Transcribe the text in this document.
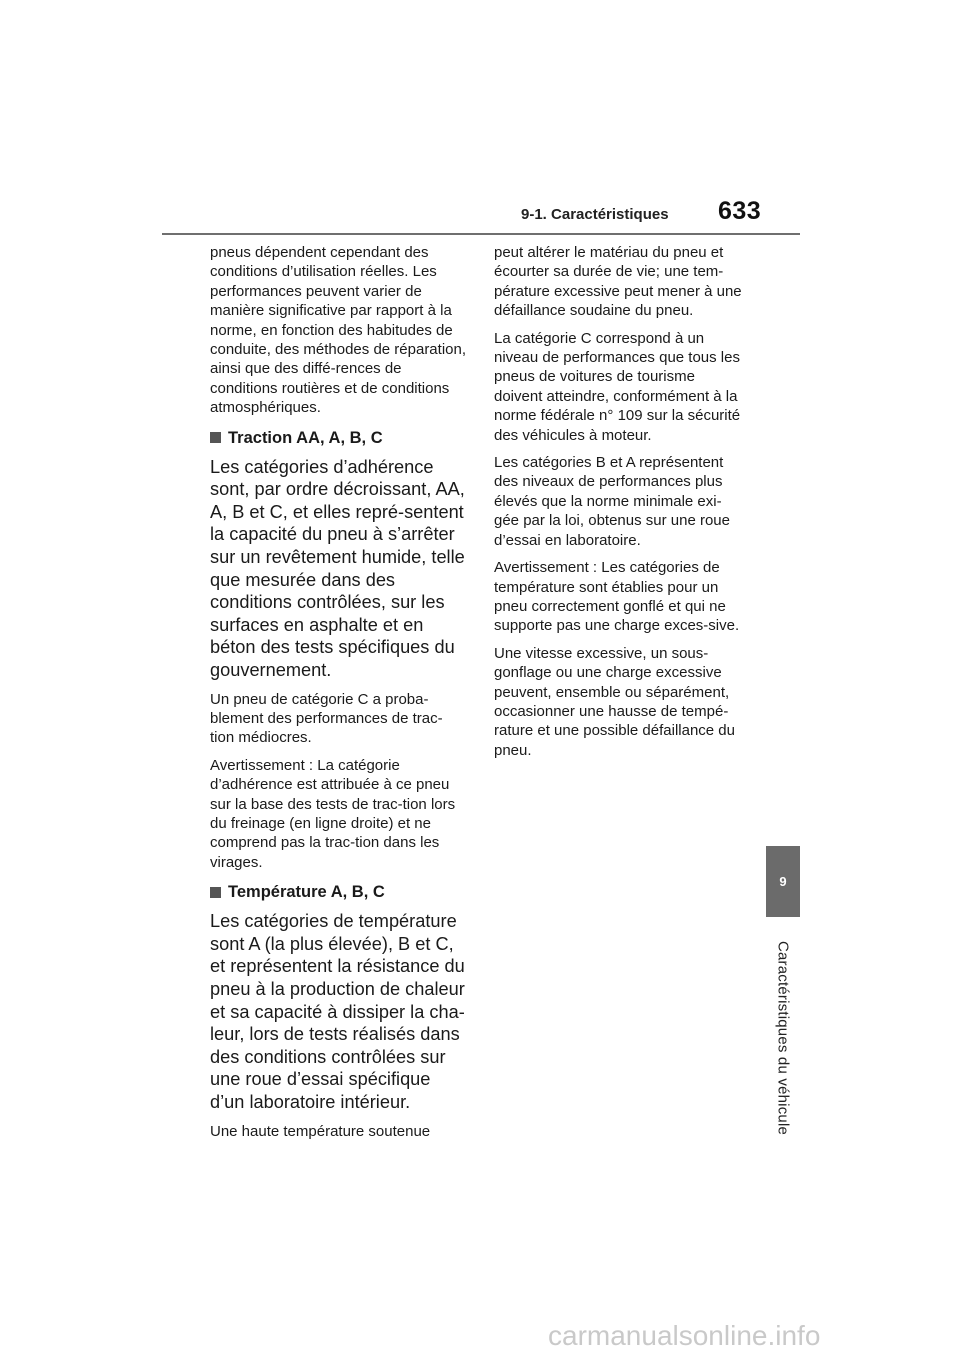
9-1. Caractéristiques	633
9
Caractéristiques du véhicule

pneus dépendent cependant des conditions d’utilisation réelles. Les performances peuvent varier de manière significative par rapport à la norme, en fonction des habitudes de conduite, des méthodes de réparation, ainsi que des diffé-rences de conditions routières et de conditions atmosphériques.

Traction AA, A, B, C

Les catégories d’adhérence sont, par ordre décroissant, AA, A, B et C, et elles repré-sentent la capacité du pneu à s’arrêter sur un revêtement humide, telle que mesurée dans des conditions contrôlées, sur les surfaces en asphalte et en béton des tests spécifiques du gouvernement.

Un pneu de catégorie C a proba-blement des performances de trac-tion médiocres.

Avertissement : La catégorie d’adhérence est attribuée à ce pneu sur la base des tests de trac-tion lors du freinage (en ligne droite) et ne comprend pas la trac-tion dans les virages.

Température A, B, C

Les catégories de température sont A (la plus élevée), B et C, et représentent la résistance du pneu à la production de chaleur et sa capacité à dissiper la cha-leur, lors de tests réalisés dans des conditions contrôlées sur une roue d’essai spécifique d’un laboratoire intérieur.

Une haute température soutenue

peut altérer le matériau du pneu et écourter sa durée de vie; une tem-pérature excessive peut mener à une défaillance soudaine du pneu.

La catégorie C correspond à un niveau de performances que tous les pneus de voitures de tourisme doivent atteindre, conformément à la norme fédérale n° 109 sur la sécurité des véhicules à moteur.

Les catégories B et A représentent des niveaux de performances plus élevés que la norme minimale exi-gée par la loi, obtenus sur une roue d’essai en laboratoire.

Avertissement : Les catégories de température sont établies pour un pneu correctement gonflé et qui ne supporte pas une charge exces-sive.

Une vitesse excessive, un sous-gonflage ou une charge excessive peuvent, ensemble ou séparément, occasionner une hausse de tempé-rature et une possible défaillance du pneu.

carmanualsonline.info
